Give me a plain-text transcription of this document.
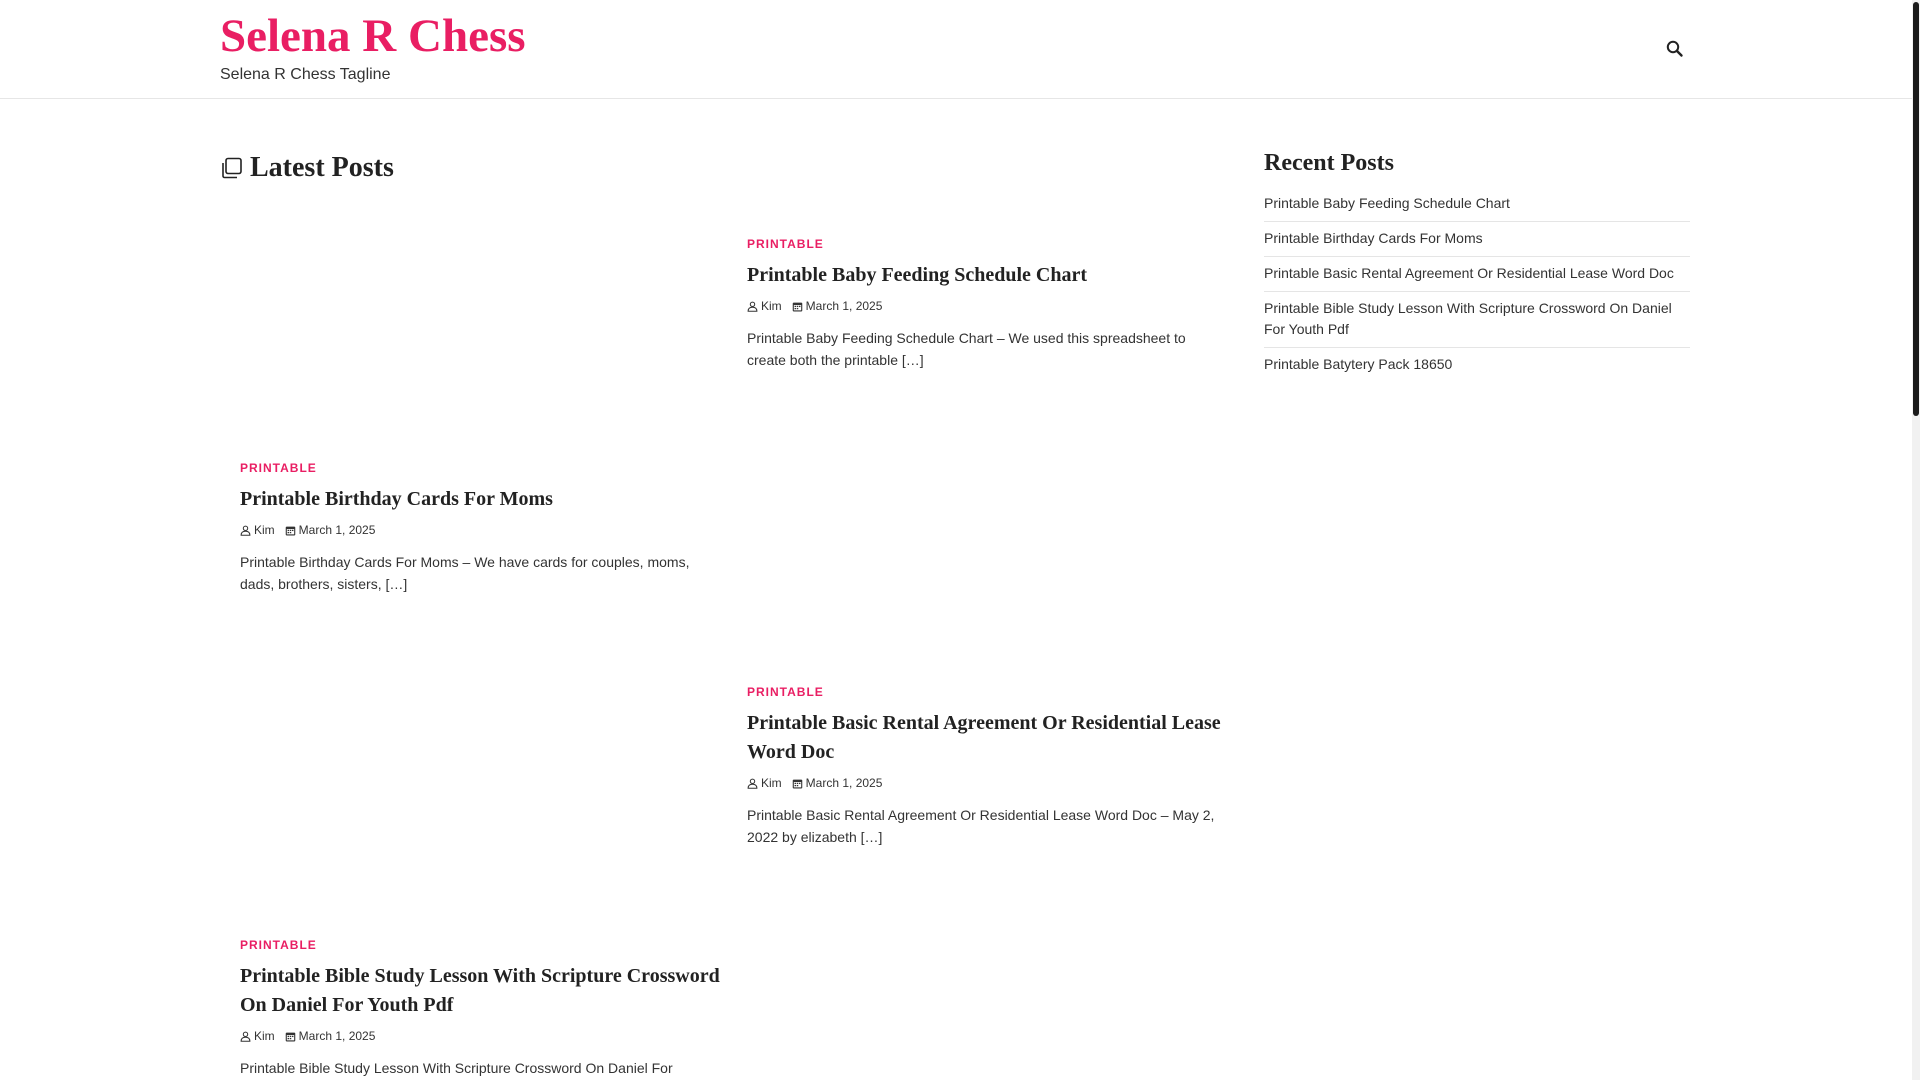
Selena R Chess
Selena R Chess Tagline
Latest Posts
PRINTABLE
Printable Baby Feeding Schedule Chart
Kim March 1, 2025

Printable Baby Feeding Schedule Chart – We used this spreadsheet to create both the printable […]

PRINTABLE
Printable Birthday Cards For Moms
Kim March 1, 2025

Printable Birthday Cards For Moms – We have cards for couples, moms, dads, brothers, sisters, […]

PRINTABLE
Printable Basic Rental Agreement Or Residential Lease Word Doc
Kim March 1, 2025

Printable Basic Rental Agreement Or Residential Lease Word Doc – May 2, 2022 by elizabeth […]

PRINTABLE
Printable Bible Study Lesson With Scripture Crossword On Daniel For Youth Pdf
Kim March 1, 2025

Printable Bible Study Lesson With Scripture Crossword On Daniel For

Recent Posts
Printable Baby Feeding Schedule Chart
Printable Birthday Cards For Moms
Printable Basic Rental Agreement Or Residential Lease Word Doc
Printable Bible Study Lesson With Scripture Crossword On Daniel For Youth Pdf
Printable Batytery Pack 18650
